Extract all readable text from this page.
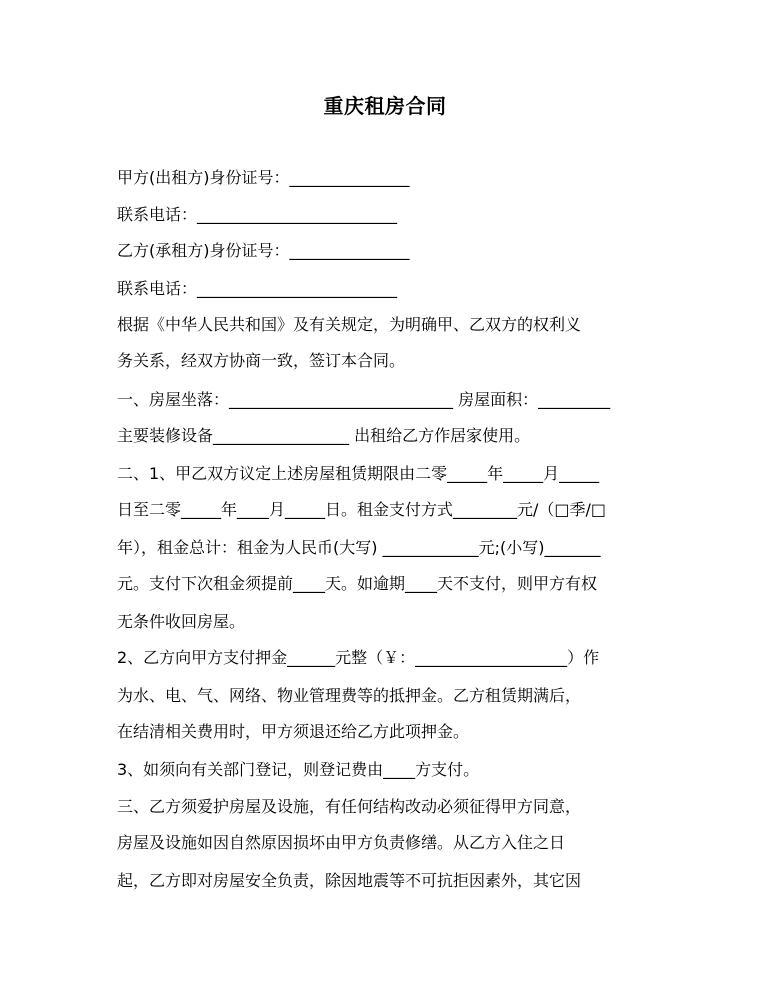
重庆租房合同
甲方(出租方)身份证号：_______________
联系电话：_________________________
乙方(承租方)身份证号：_______________
联系电话：_________________________
根据《中华人民共和国》及有关规定，为明确甲、乙双方的权利义
务关系，经双方协商一致，签订本合同。
一、房屋坐落：____________________________ 房屋面积：_________
主要装修设备_________________ 出租给乙方作居家使用。
二、1、甲乙双方议定上述房屋租赁期限由二零_____年_____月_____
日至二零_____年____月_____日。租金支付方式________元/（□季/□
年），租金总计：租金为人民币(大写) ____________元;(小写)_______
元。支付下次租金须提前____天。如逾期____天不支付，则甲方有权
无条件收回房屋。
2、乙方向甲方支付押金______元整（￥：___________________）作
为水、电、气、网络、物业管理费等的抵押金。乙方租赁期满后，
在结清相关费用时，甲方须退还给乙方此项押金。
3、如须向有关部门登记，则登记费由____方支付。
三、乙方须爱护房屋及设施，有任何结构改动必须征得甲方同意，
房屋及设施如因自然原因损坏由甲方负责修缮。从乙方入住之日
起，乙方即对房屋安全负责，除因地震等不可抗拒因素外，其它因
